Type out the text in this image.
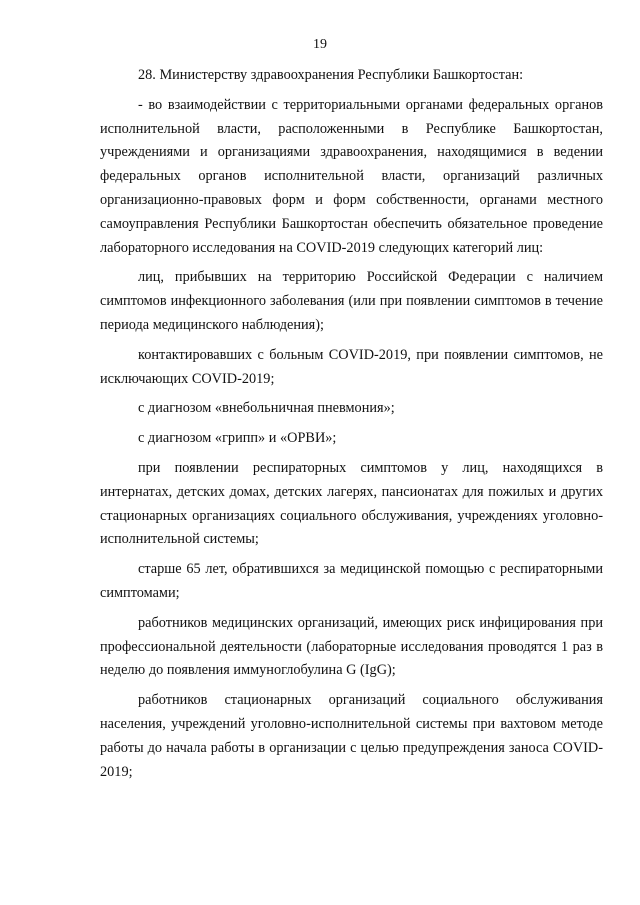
19

28. Министерству здравоохранения Республики Башкортостан:

- во взаимодействии с территориальными органами федеральных органов исполнительной власти, расположенными в Республике Башкортостан, учреждениями и организациями здравоохранения, находящимися в ведении федеральных органов исполнительной власти, организаций различных организационно-правовых форм и форм собственности, органами местного самоуправления Республики Башкортостан обеспечить обязательное проведение лабораторного исследования на COVID-2019 следующих категорий лиц:

лиц, прибывших на территорию Российской Федерации с наличием симптомов инфекционного заболевания (или при появлении симптомов в течение периода медицинского наблюдения);

контактировавших с больным COVID-2019, при появлении симптомов, не исключающих COVID-2019;

с диагнозом «внебольничная пневмония»;

с диагнозом «грипп» и «ОРВИ»;

при появлении респираторных симптомов у лиц, находящихся в интернатах, детских домах, детских лагерях, пансионатах для пожилых и других стационарных организациях социального обслуживания, учреждениях уголовно-исполнительной системы;

старше 65 лет, обратившихся за медицинской помощью с респираторными симптомами;

работников медицинских организаций, имеющих риск инфицирования при профессиональной деятельности (лабораторные исследования проводятся 1 раз в неделю до появления иммуноглобулина G (IgG);

работников стационарных организаций социального обслуживания населения, учреждений уголовно-исполнительной системы при вахтовом методе работы до начала работы в организации с целью предупреждения заноса COVID-2019;
